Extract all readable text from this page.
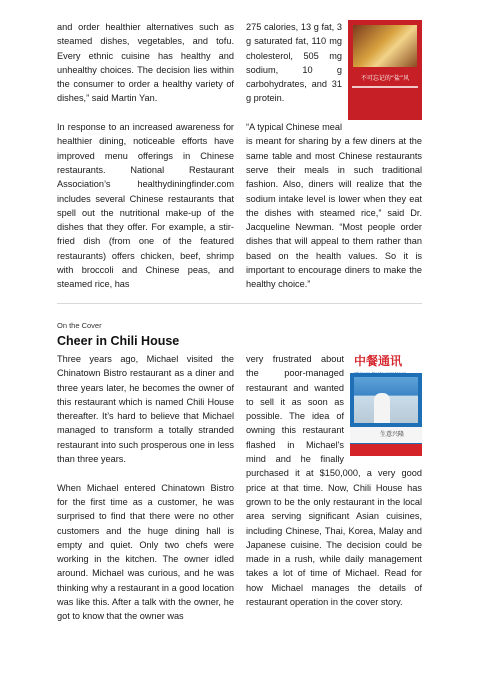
and order healthier alternatives such as steamed dishes, vegetables, and tofu. Every ethnic cuisine has healthy and unhealthy choices. The decision lies within the consumer to order a healthy variety of dishes,” said Martin Yan.

In response to an increased awareness for healthier dining, noticeable efforts have improved menu offerings in Chinese restaurants. National Restaurant Association’s healthydiningfinder.com includes several Chinese restaurants that spell out the nutritional make-up of the dishes that they offer. For example, a stir-fried dish (from one of the featured restaurants) offers chicken, beef, shrimp with broccoli and Chinese peas, and steamed rice, has

不可忘记的“盐”风

275 calories, 13 g fat, 3 g saturated fat, 110 mg cholesterol, 505 mg sodium, 10 g carbohydrates, and 31 g protein.

“A typical Chinese meal is meant for sharing by a few diners at the same table and most Chinese restaurants serve their meals in such traditional fashion. Also, diners will realize that the sodium intake level is lower when they eat the dishes with steamed rice,” said Dr. Jacqueline Newman. “Most people order dishes that will appeal to them rather than based on the health values. So it is important to encourage diners to make the healthy choice.”

On the Cover
Cheer in Chili House

Three years ago, Michael visited the Chinatown Bistro restaurant as a diner and three years later, he becomes the owner of this restaurant which is named Chili House thereafter. It’s hard to believe that Michael managed to transform a totally stranded restaurant into such prosperous one in less than three years.

When Michael entered Chinatown Bistro for the first time as a customer, he was surprised to find that there were no other customers and the huge dining hall is empty and quiet. Only two chefs were working in the kitchen. The owner idled around. Michael was curious, and he was thinking why a restaurant in a good location was like this. After a talk with the owner, he got to know that the owner was

中餐通讯
Chinese Restaurant News
生意兴隆

very frustrated about the poor-managed restaurant and wanted to sell it as soon as possible. The idea of owning this restaurant flashed in Michael's mind and he finally purchased it at $150,000, a very good price at that time. Now, Chili House has grown to be the only restaurant in the local area serving significant Asian cuisines, including Chinese, Thai, Korea, Malay and Japanese cuisine. The decision could be made in a rush, while daily management takes a lot of time of Michael. Read for how Michael manages the details of restaurant operation in the cover story.
